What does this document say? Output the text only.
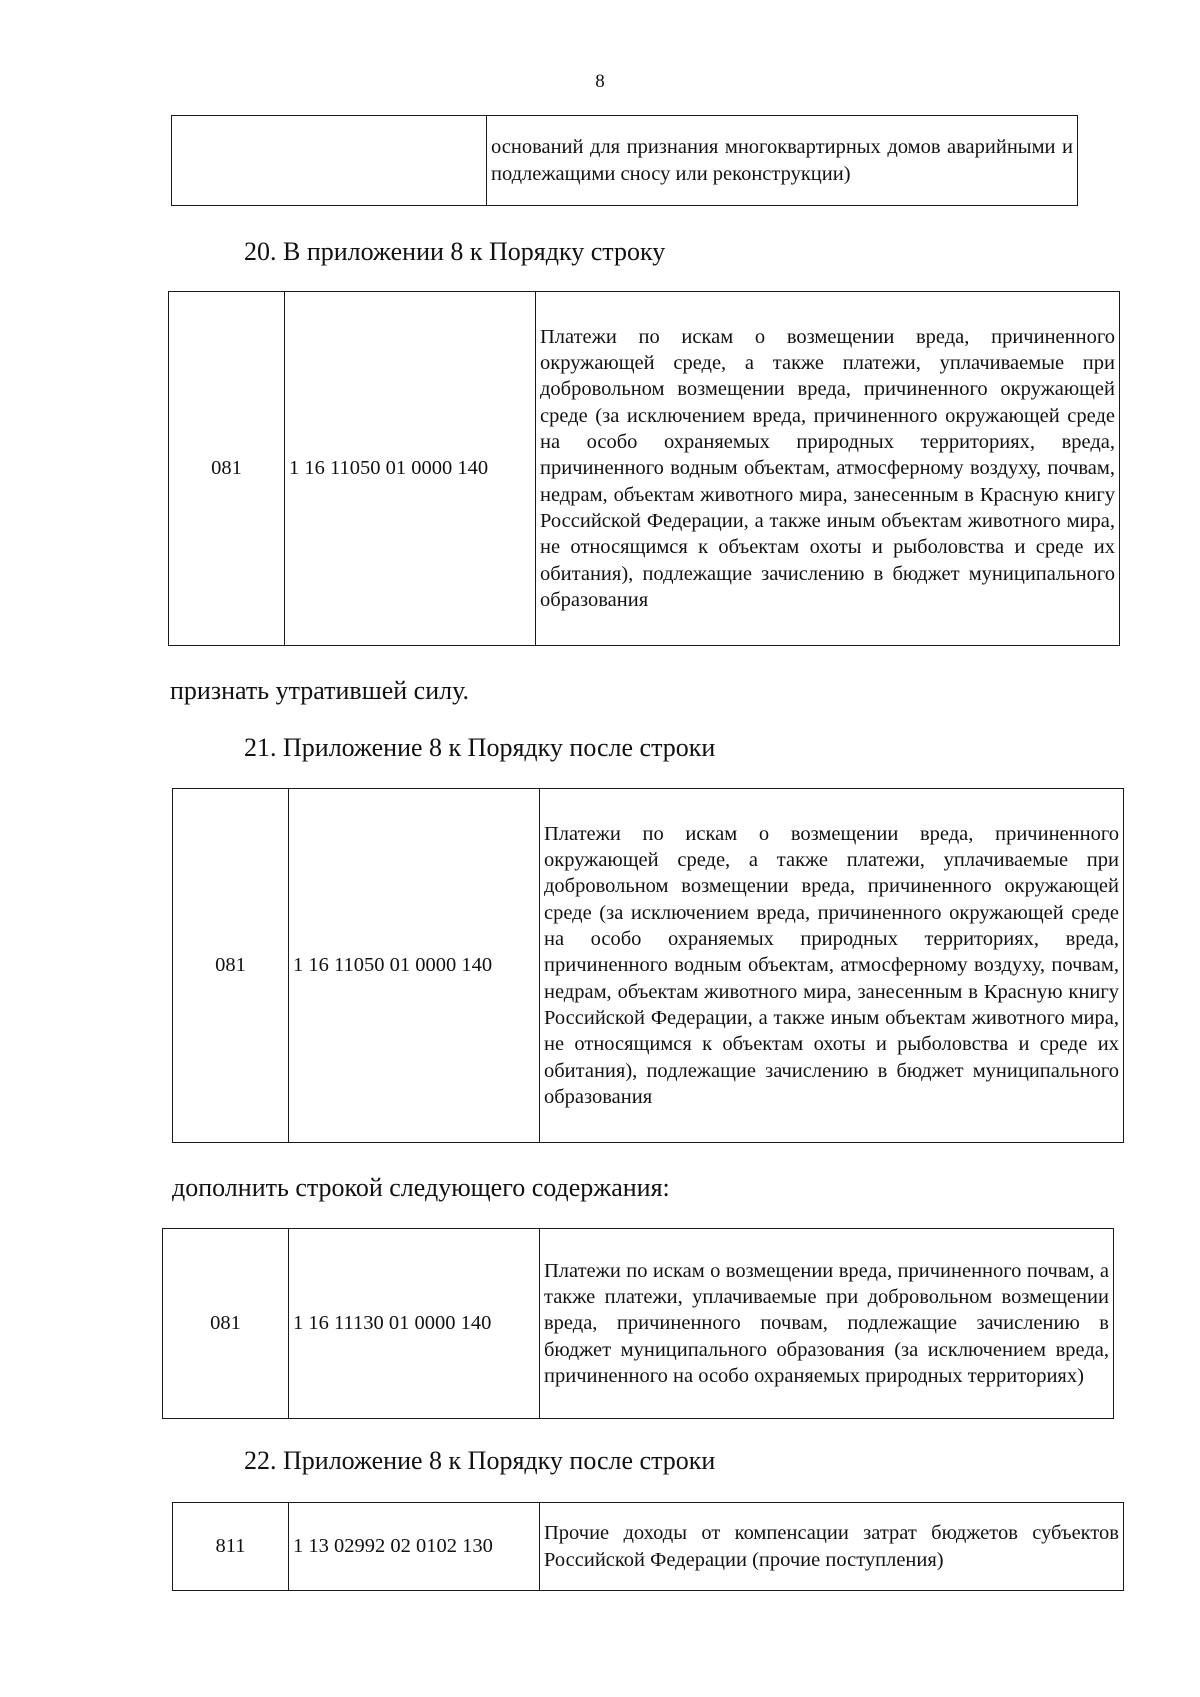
8
	оснований для признания многоквартирных домов аварийными и подлежащими сносу или реконструкции)
20. В приложении 8 к Порядку строку
081	1 16 11050 01 0000 140	Платежи по искам о возмещении вреда, причиненного окружающей среде, а также платежи, уплачиваемые при добровольном возмещении вреда, причиненного окружающей среде (за исключением вреда, причиненного окружающей среде на особо охраняемых природных территориях, вреда, причиненного водным объектам, атмосферному воздуху, почвам, недрам, объектам животного мира, занесенным в Красную книгу Российской Федерации, а также иным объектам животного мира, не относящимся к объектам охоты и рыболовства и среде их обитания), подлежащие зачислению в бюджет муниципального образования
признать утратившей силу.
21. Приложение 8 к Порядку после строки
081	1 16 11050 01 0000 140	Платежи по искам о возмещении вреда, причиненного окружающей среде, а также платежи, уплачиваемые при добровольном возмещении вреда, причиненного окружающей среде (за исключением вреда, причиненного окружающей среде на особо охраняемых природных территориях, вреда, причиненного водным объектам, атмосферному воздуху, почвам, недрам, объектам животного мира, занесенным в Красную книгу Российской Федерации, а также иным объектам животного мира, не относящимся к объектам охоты и рыболовства и среде их обитания), подлежащие зачислению в бюджет муниципального образования
дополнить строкой следующего содержания:
081	1 16 11130 01 0000 140	Платежи по искам о возмещении вреда, причиненного почвам, а также платежи, уплачиваемые при добровольном возмещении вреда, причиненного почвам, подлежащие зачислению в бюджет муниципального образования (за исключением вреда, причиненного на особо охраняемых природных территориях)
22. Приложение 8 к Порядку после строки
811	1 13 02992 02 0102 130	Прочие доходы от компенсации затрат бюджетов субъектов Российской Федерации (прочие поступления)
